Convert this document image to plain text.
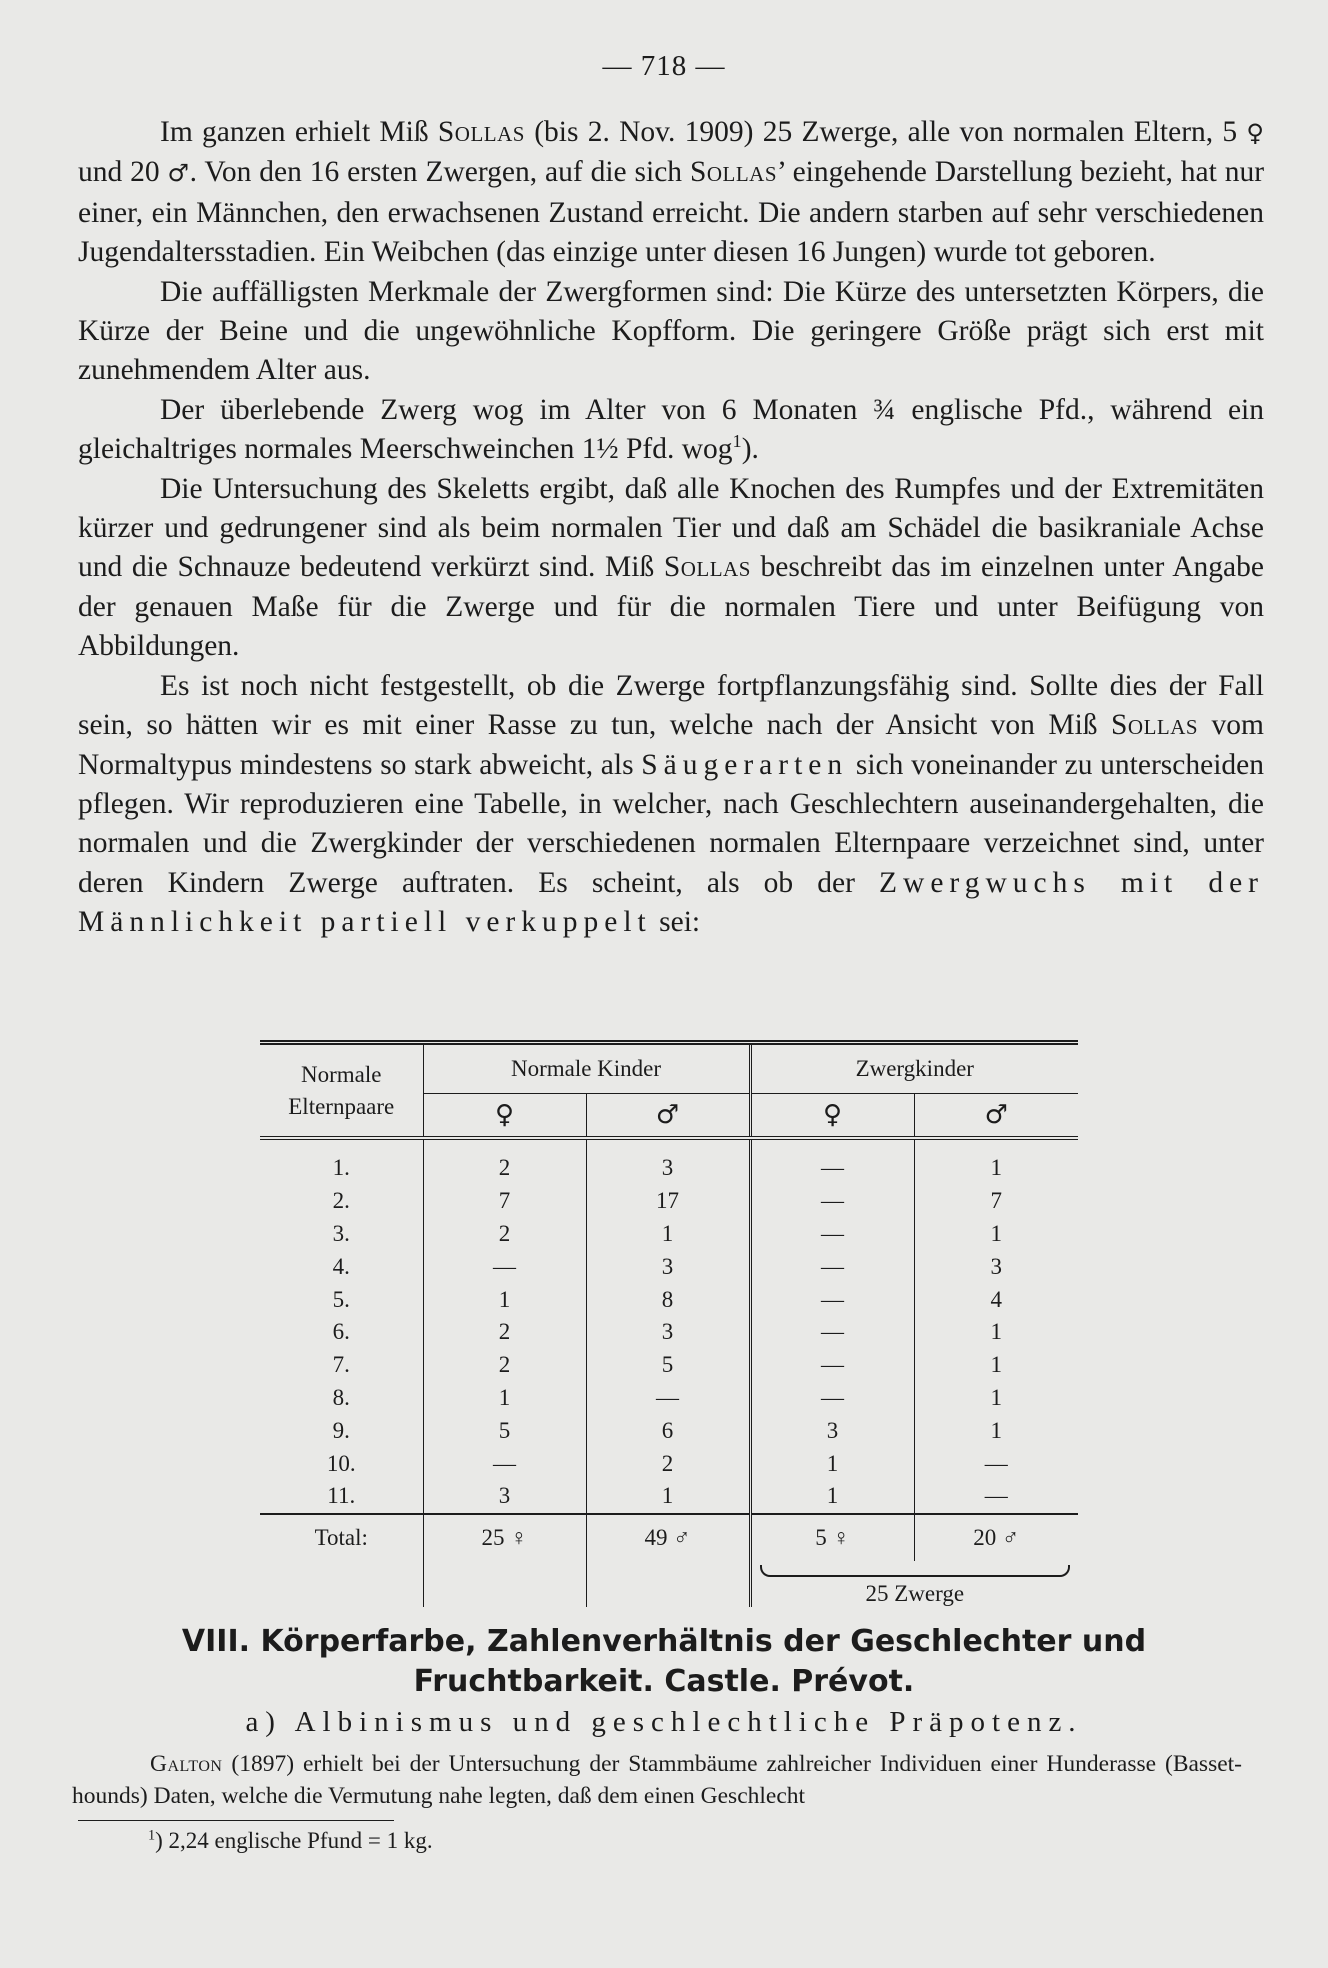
— 718 —

Im ganzen erhielt Miß Sollas (bis 2. Nov. 1909) 25 Zwerge, alle von normalen Eltern, 5 ♀ und 20 ♂. Von den 16 ersten Zwergen, auf die sich Sollas’ eingehende Darstellung bezieht, hat nur einer, ein Männchen, den erwachsenen Zustand erreicht. Die andern starben auf sehr verschiedenen Jugendaltersstadien. Ein Weibchen (das einzige unter diesen 16 Jungen) wurde tot geboren.

Die auffälligsten Merkmale der Zwergformen sind: Die Kürze des untersetzten Körpers, die Kürze der Beine und die ungewöhnliche Kopfform. Die geringere Größe prägt sich erst mit zunehmendem Alter aus.

Der überlebende Zwerg wog im Alter von 6 Monaten ¾ englische Pfd., während ein gleichaltriges normales Meerschweinchen 1½ Pfd. wog$^1$).

Die Untersuchung des Skeletts ergibt, daß alle Knochen des Rumpfes und der Extremitäten kürzer und gedrungener sind als beim normalen Tier und daß am Schädel die basikraniale Achse und die Schnauze bedeutend verkürzt sind. Miß Sollas beschreibt das im einzelnen unter Angabe der genauen Maße für die Zwerge und für die normalen Tiere und unter Beifügung von Abbildungen.

Es ist noch nicht festgestellt, ob die Zwerge fortpflanzungsfähig sind. Sollte dies der Fall sein, so hätten wir es mit einer Rasse zu tun, welche nach der Ansicht von Miß Sollas vom Normaltypus mindestens so stark abweicht, als Säugerarten sich voneinander zu unterscheiden pflegen. Wir reproduzieren eine Tabelle, in welcher, nach Geschlechtern auseinandergehalten, die normalen und die Zwergkinder der verschiedenen normalen Elternpaare verzeichnet sind, unter deren Kindern Zwerge auftraten. Es scheint, als ob der Zwergwuchs mit der Männlichkeit partiell verkuppelt sei:

Normale Elternpaare	Normale Kinder		Zwergkinder	
	♀	♂	♀	♂

1.	2	3	—	1
2.	7	17	—	7
3.	2	1	—	1
4.	—	3	—	3
5.	1	8	—	4
6.	2	3	—	1
7.	2	5	—	1
8.	1	—	—	1
9.	5	6	3	1
10.	—	2	1	—
11.	3	1	1	—
Total:	25 ♀	49 ♂	5 ♀	20 ♂

			25 Zwerge	
VIII. Körperfarbe, Zahlenverhältnis der Geschlechter und Fruchtbarkeit. Castle. Prévot.
a) Albinismus und geschlechtliche Präpotenz.

Galton (1897) erhielt bei der Untersuchung der Stammbäume zahlreicher Individuen einer Hunderasse (Basset-hounds) Daten, welche die Vermutung nahe legten, daß dem einen Geschlecht

$^1$) 2,24 englische Pfund = 1 kg.
